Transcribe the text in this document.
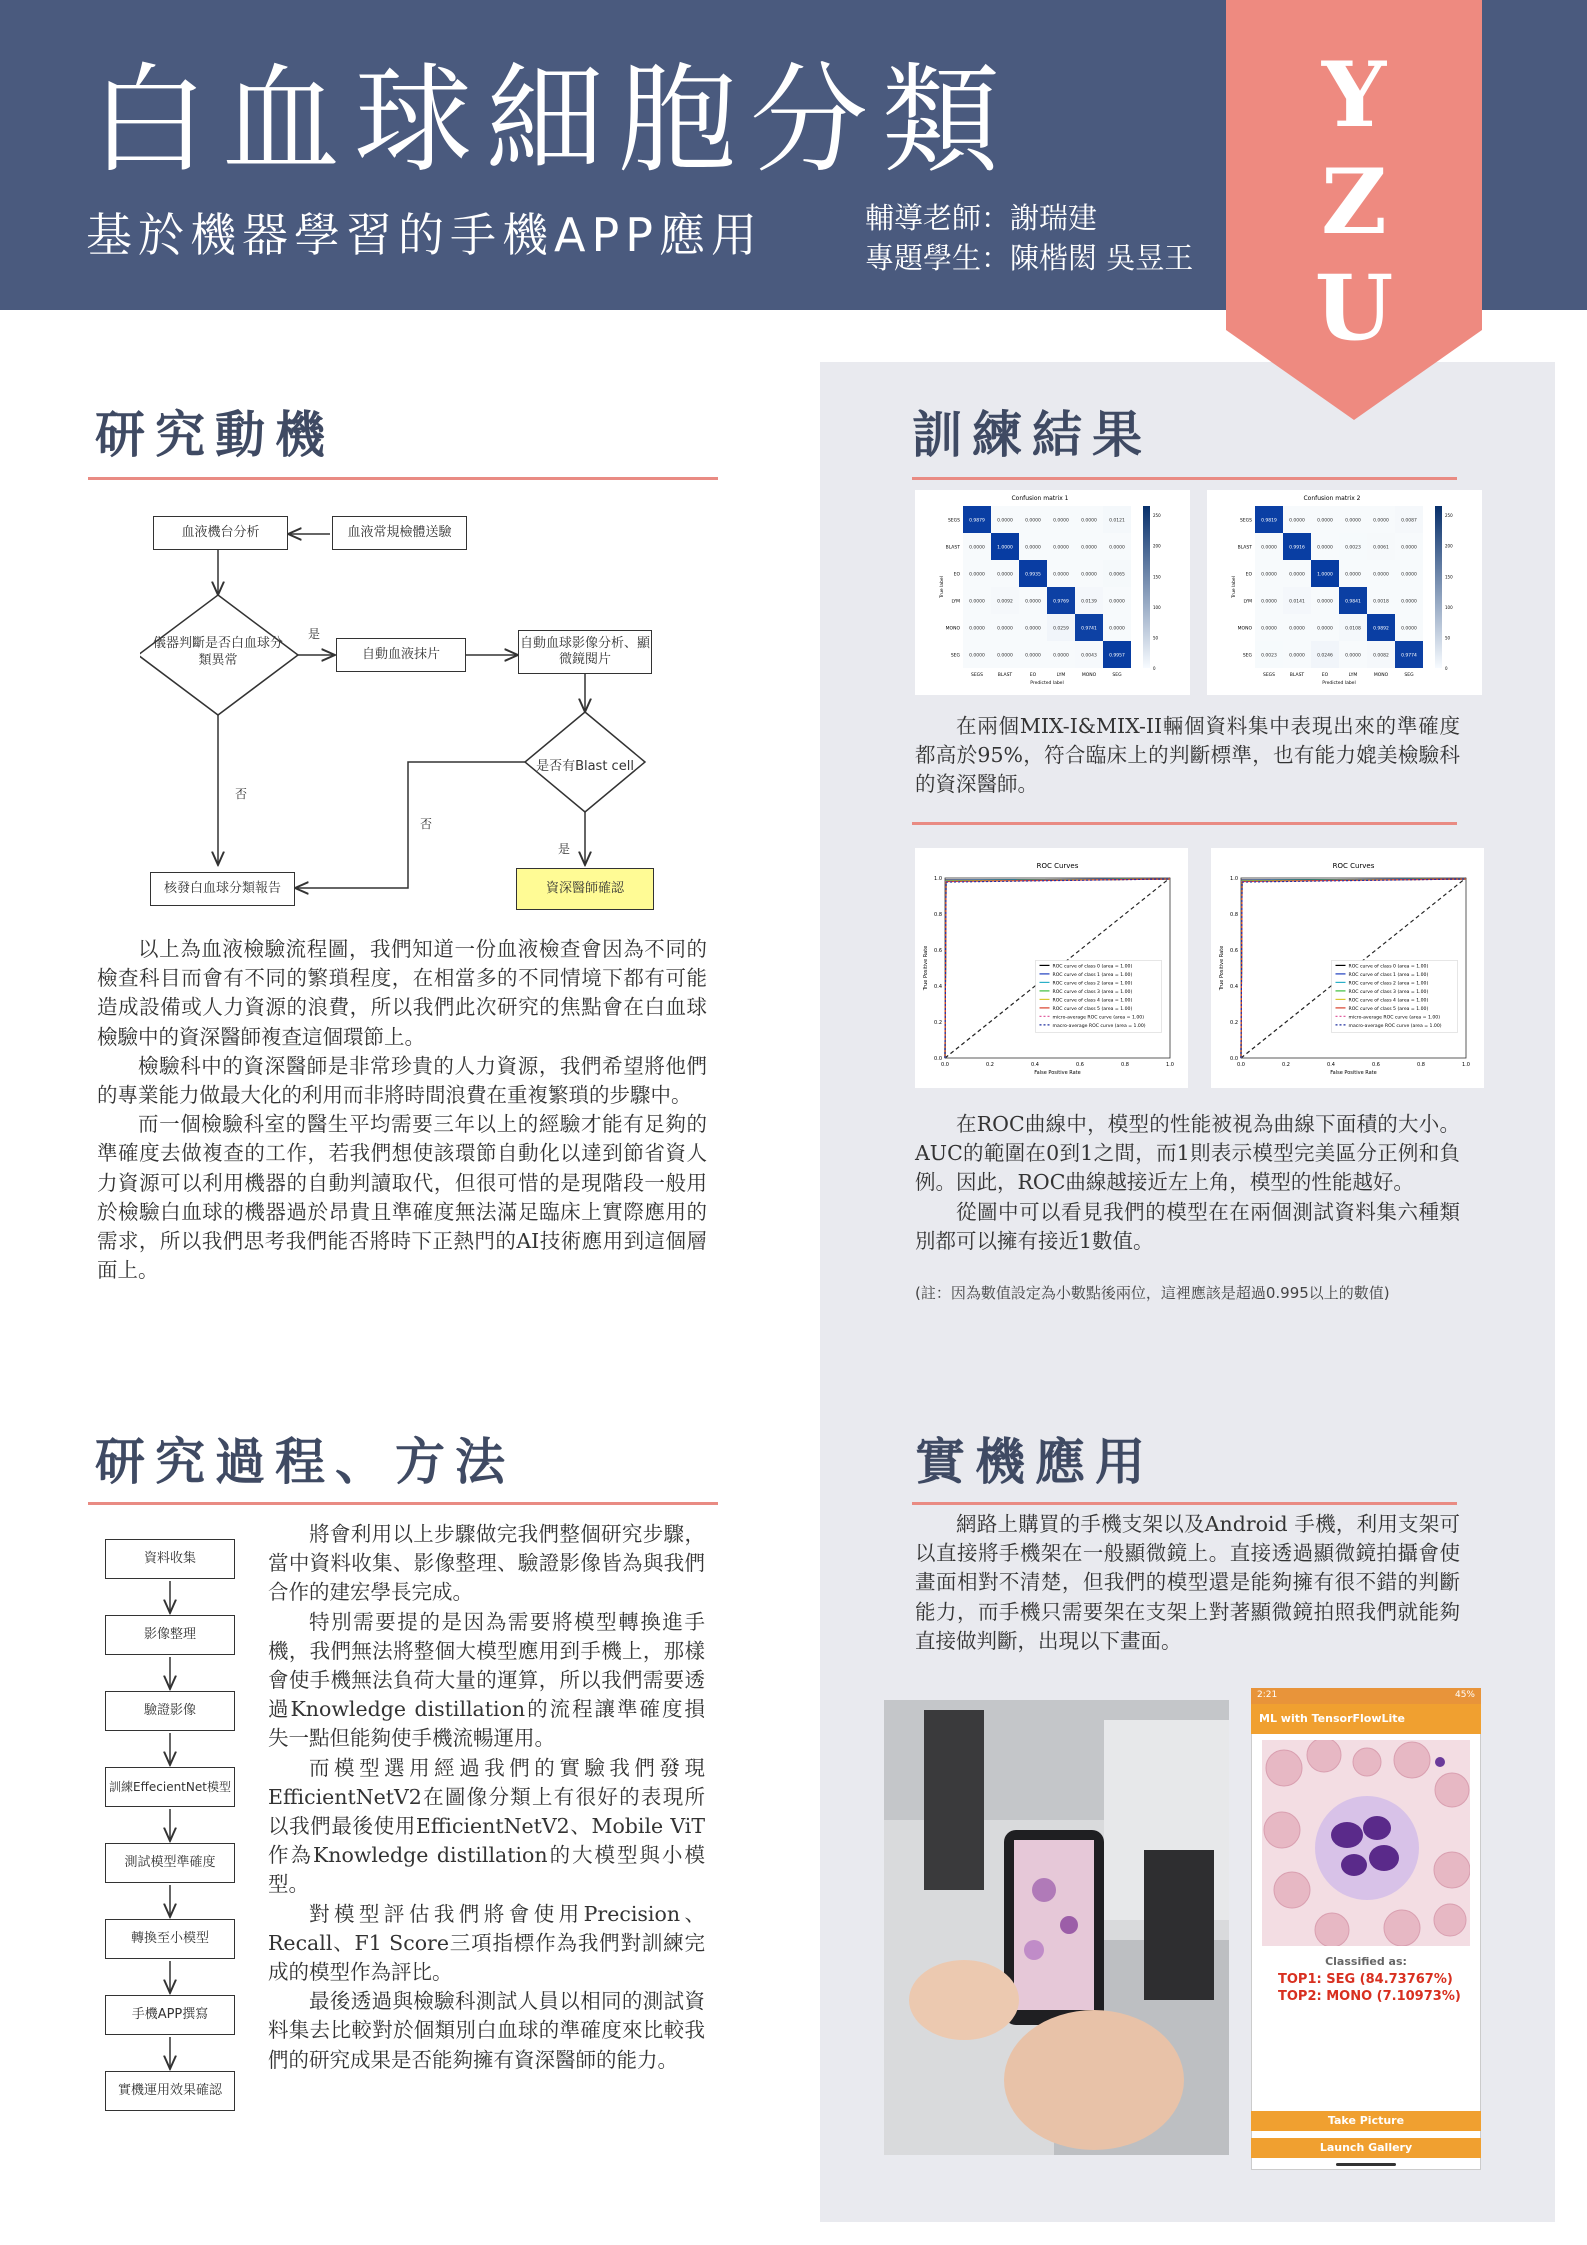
白血球細胞分類
基於機器學習的手機APP應用	輔導老師：謝瑞建
專題學生：陳楷閎 吳昱王
Y
Z
U
研究動機
血液機台分析	血液常規檢體送驗
儀器判斷是否白血球分類異常
是
自動血液抹片
自動血球影像分析、顯微鏡閱片
是否有Blast cell
否
否
是
核發白血球分類報告	資深醫師確認

以上為血液檢驗流程圖，我們知道一份血液檢查會因為不同的檢查科目而會有不同的繁瑣程度，在相當多的不同情境下都有可能造成設備或人力資源的浪費，所以我們此次研究的焦點會在白血球檢驗中的資深醫師複查這個環節上。

檢驗科中的資深醫師是非常珍貴的人力資源，我們希望將他們的專業能力做最大化的利用而非將時間浪費在重複繁瑣的步驟中。

而一個檢驗科室的醫生平均需要三年以上的經驗才能有足夠的準確度去做複查的工作，若我們想使該環節自動化以達到節省資人力資源可以利用機器的自動判讀取代，但很可惜的是現階段一般用於檢驗白血球的機器過於昂貴且準確度無法滿足臨床上實際應用的需求，所以我們思考我們能否將時下正熱門的AI技術應用到這個層面上。

研究過程、方法
資料收集
影像整理
驗證影像
訓練EffecientNet模型
測試模型準確度
轉換至小模型
手機APP撰寫
實機運用效果確認

將會利用以上步驟做完我們整個研究步驟，當中資料收集、影像整理、驗證影像皆為與我們合作的建宏學長完成。

特別需要提的是因為需要將模型轉換進手機，我們無法將整個大模型應用到手機上，那樣會使手機無法負荷大量的運算，所以我們需要透過Knowledge distillation的流程讓準確度損失一點但能夠使手機流暢運用。

而模型選用經過我們的實驗我們發現EfficientNetV2在圖像分類上有很好的表現所以我們最後使用EfficientNetV2、Mobile ViT作為Knowledge distillation的大模型與小模型。

對模型評估我們將會使用Precision、Recall、F1 Score三項指標作為我們對訓練完成的模型作為評比。

最後透過與檢驗科測試人員以相同的測試資料集去比較對於個類別白血球的準確度來比較我們的研究成果是否能夠擁有資深醫師的能力。

訓練結果
Confusion matrix 1
0.9879	0.0000	0.0000	0.0000	0.0000	0.0121
0.0000	1.0000	0.0000	0.0000	0.0000	0.0000
0.0000	0.0000	0.9935	0.0000	0.0000	0.0065
0.0000	0.0092	0.0000	0.9769	0.0139	0.0000
0.0000	0.0000	0.0000	0.0259	0.9741	0.0000
0.0000	0.0000	0.0000	0.0000	0.0043	0.9957
SEGS
SEGS
BLAST
BLAST
EO
EO
LYM
LYM
MONO
MONO
SEG
SEG
True label
Predicted label
0
50
100
150
200
250
Confusion matrix 2
0.9819	0.0000	0.0000	0.0000	0.0000	0.0087
0.0000	0.9916	0.0000	0.0023	0.0061	0.0000
0.0000	0.0000	1.0000	0.0000	0.0000	0.0000
0.0000	0.0141	0.0000	0.9841	0.0018	0.0000
0.0000	0.0000	0.0000	0.0108	0.9892	0.0000
0.0023	0.0000	0.0246	0.0000	0.0082	0.9774
SEGS
SEGS
BLAST
BLAST
EO
EO
LYM
LYM
MONO
MONO
SEG
SEG
True label
Predicted label
0
50
100
150
200
250

在兩個MIX-I&MIX-II輛個資料集中表現出來的準確度都高於95%，符合臨床上的判斷標準，也有能力媲美檢驗科的資深醫師。

ROC Curves
0.0
0.0
0.2
0.2
0.4
0.4
0.6
0.6
0.8
0.8
1.0
1.0
False Positive Rate
True Positive Rate	ROC curve of class 0 (area = 1.00)
ROC curve of class 1 (area = 1.00)
ROC curve of class 2 (area = 1.00)
ROC curve of class 3 (area = 1.00)
ROC curve of class 4 (area = 1.00)
ROC curve of class 5 (area = 1.00)
micro-average ROC curve (area = 1.00)
macro-average ROC curve (area = 1.00)
ROC Curves
0.0
0.0
0.2
0.2
0.4
0.4
0.6
0.6
0.8
0.8
1.0
1.0
False Positive Rate
True Positive Rate	ROC curve of class 0 (area = 1.00)
ROC curve of class 1 (area = 1.00)
ROC curve of class 2 (area = 1.00)
ROC curve of class 3 (area = 1.00)
ROC curve of class 4 (area = 1.00)
ROC curve of class 5 (area = 1.00)
micro-average ROC curve (area = 1.00)
macro-average ROC curve (area = 1.00)

在ROC曲線中，模型的性能被視為曲線下面積的大小。AUC的範圍在0到1之間，而1則表示模型完美區分正例和負例。因此，ROC曲線越接近左上角，模型的性能越好。

從圖中可以看見我們的模型在在兩個測試資料集六種類別都可以擁有接近1數值。

(註：因為數值設定為小數點後兩位，這裡應該是超過0.995以上的數值)
實機應用

網路上購買的手機支架以及Android 手機，利用支架可以直接將手機架在一般顯微鏡上。直接透過顯微鏡拍攝會使畫面相對不清楚，但我們的模型還是能夠擁有很不錯的判斷能力，而手機只需要架在支架上對著顯微鏡拍照我們就能夠直接做判斷，出現以下畫面。

2:21	45%
ML with TensorFlowLite
Classified as:
TOP1: SEG (84.73767%)
TOP2: MONO (7.10973%)
Take Picture
Launch Gallery
